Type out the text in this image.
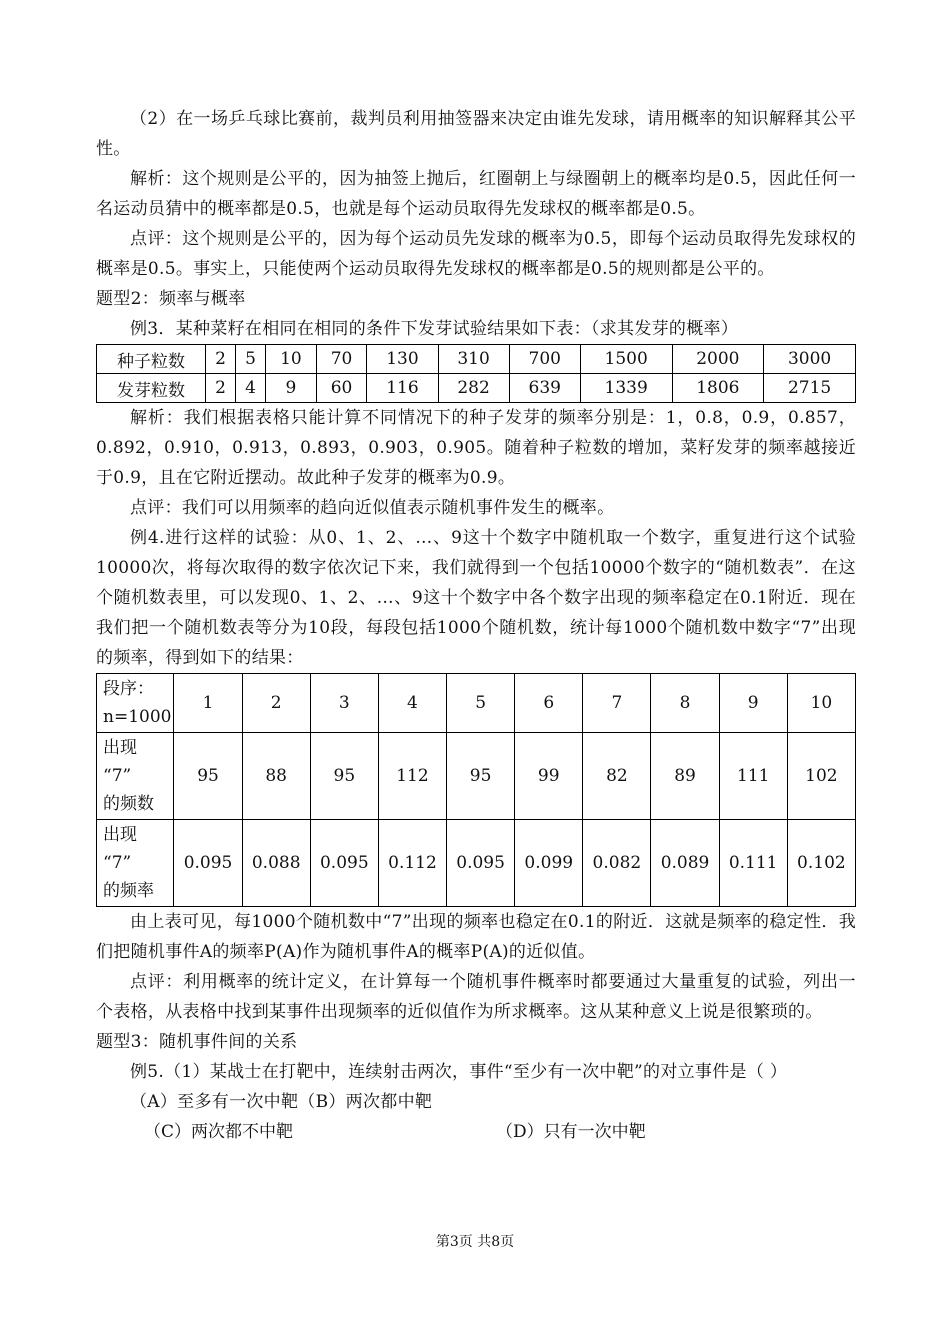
（2）在一场乒乓球比赛前，裁判员利用抽签器来决定由谁先发球，请用概率的知识解释其公平性。

解析：这个规则是公平的，因为抽签上抛后，红圈朝上与绿圈朝上的概率均是0.5，因此任何一名运动员猜中的概率都是0.5，也就是每个运动员取得先发球权的概率都是0.5。

点评：这个规则是公平的，因为每个运动员先发球的概率为0.5，即每个运动员取得先发球权的概率是0.5。事实上，只能使两个运动员取得先发球权的概率都是0.5的规则都是公平的。

题型2：频率与概率

例3．某种菜籽在相同在相同的条件下发芽试验结果如下表：（求其发芽的概率）

种子粒数	2	5	10	70	130	310	700	1500	2000	3000
发芽粒数	2	4	9	60	116	282	639	1339	1806	2715

解析：我们根据表格只能计算不同情况下的种子发芽的频率分别是：1，0.8，0.9，0.857，0.892，0.910，0.913，0.893，0.903，0.905。随着种子粒数的增加，菜籽发芽的频率越接近于0.9，且在它附近摆动。故此种子发芽的概率为0.9。

点评：我们可以用频率的趋向近似值表示随机事件发生的概率。

例4.进行这样的试验：从0、1、2、…、9这十个数字中随机取一个数字，重复进行这个试验10000次，将每次取得的数字依次记下来，我们就得到一个包括10000个数字的“随机数表”．在这个随机数表里，可以发现0、1、2、…、9这十个数字中各个数字出现的频率稳定在0.1附近．现在我们把一个随机数表等分为10段，每段包括1000个随机数，统计每1000个随机数中数字“7”出现的频率，得到如下的结果：

段序：
n=1000	1	2	3	4	5	6	7	8	9	10

出现
“7”
的频数	95	88	95	112	95	99	82	89	111	102

出现
“7”
的频率	0.095	0.088	0.095	0.112	0.095	0.099	0.082	0.089	0.111	0.102

由上表可见，每1000个随机数中“7”出现的频率也稳定在0.1的附近．这就是频率的稳定性．我们把随机事件A的频率P(A)作为随机事件A的概率P(A)的近似值。

点评：利用概率的统计定义，在计算每一个随机事件概率时都要通过大量重复的试验，列出一个表格，从表格中找到某事件出现频率的近似值作为所求概率。这从某种意义上说是很繁琐的。

题型3：随机事件间的关系

例5.（1）某战士在打靶中，连续射击两次，事件“至少有一次中靶”的对立事件是（ ）

（A）至多有一次中靶（B）两次都中靶

（C）两次都不中靶	（D）只有一次中靶
第3页 共8页
